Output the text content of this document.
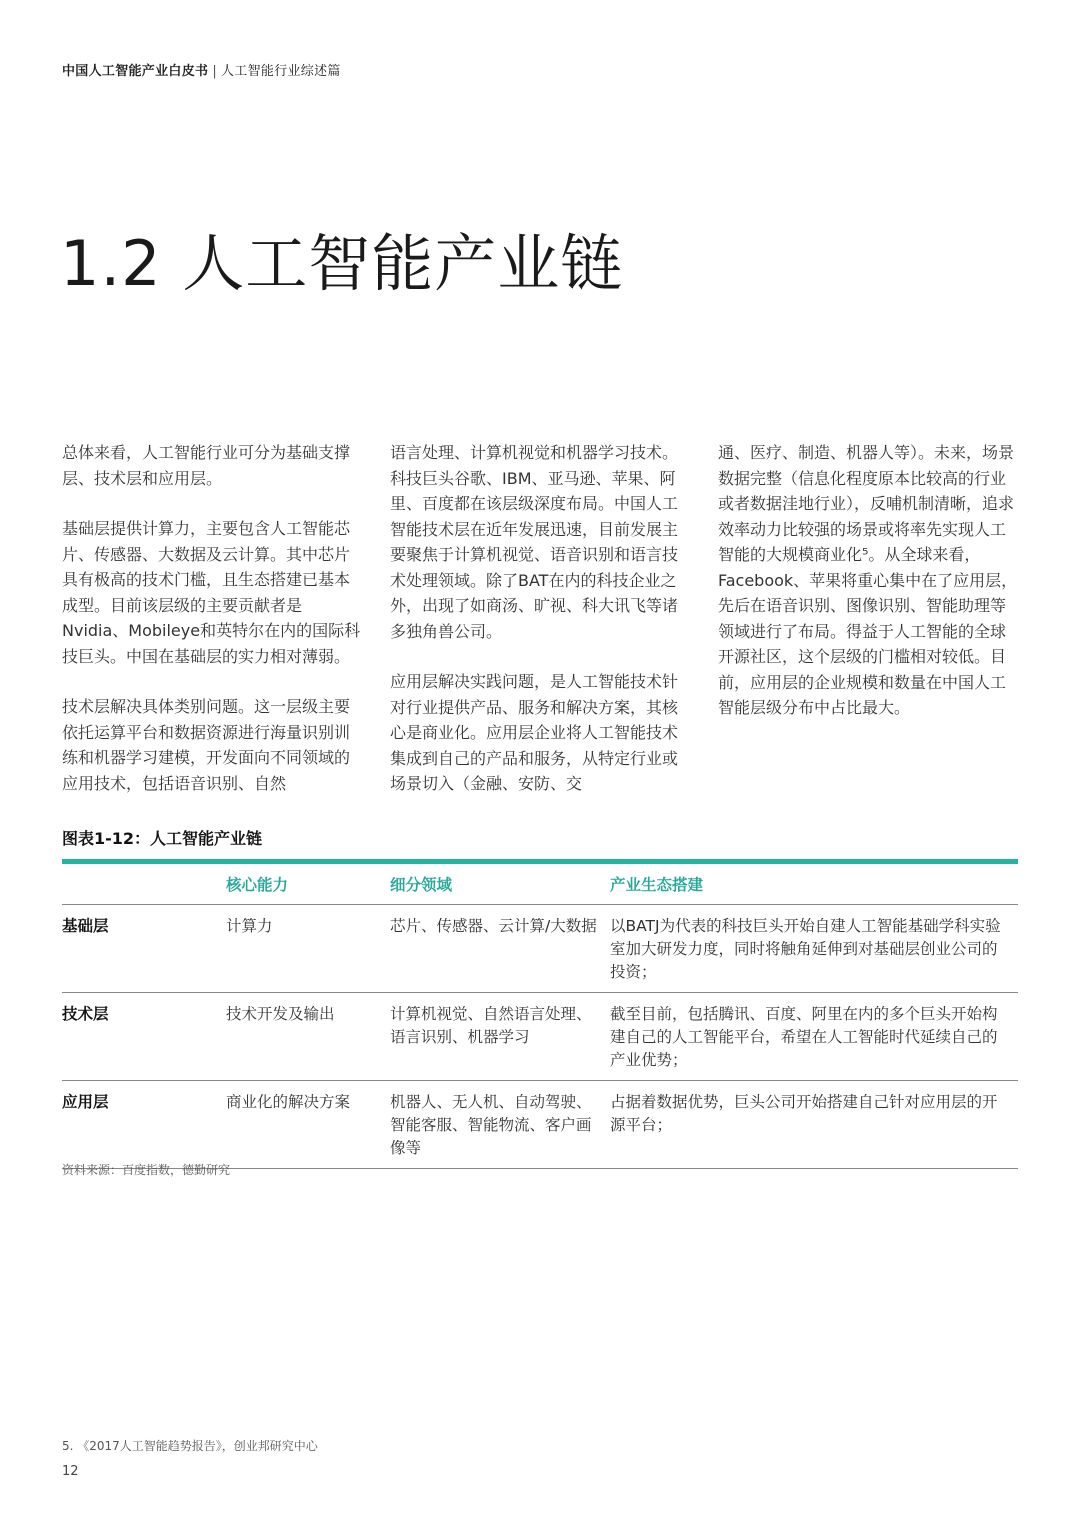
中国人工智能产业白皮书 | 人工智能行业综述篇
1.2 人工智能产业链

总体来看，人工智能行业可分为基础支撑层、技术层和应用层。

基础层提供计算力，主要包含人工智能芯片、传感器、大数据及云计算。其中芯片具有极高的技术门槛，且生态搭建已基本成型。目前该层级的主要贡献者是Nvidia、Mobileye和英特尔在内的国际科技巨头。中国在基础层的实力相对薄弱。

技术层解决具体类别问题。这一层级主要依托运算平台和数据资源进行海量识别训练和机器学习建模，开发面向不同领域的应用技术，包括语音识别、自然

语言处理、计算机视觉和机器学习技术。科技巨头谷歌、IBM、亚马逊、苹果、阿里、百度都在该层级深度布局。中国人工智能技术层在近年发展迅速，目前发展主要聚焦于计算机视觉、语音识别和语言技术处理领域。除了BAT在内的科技企业之外，出现了如商汤、旷视、科大讯飞等诸多独角兽公司。

应用层解决实践问题，是人工智能技术针对行业提供产品、服务和解决方案，其核心是商业化。应用层企业将人工智能技术集成到自己的产品和服务，从特定行业或场景切入（金融、安防、交

通、医疗、制造、机器人等）。未来，场景数据完整（信息化程度原本比较高的行业或者数据洼地行业），反哺机制清晰，追求效率动力比较强的场景或将率先实现人工智能的大规模商业化⁵。从全球来看，Facebook、苹果将重心集中在了应用层，先后在语音识别、图像识别、智能助理等领域进行了布局。得益于人工智能的全球开源社区，这个层级的门槛相对较低。目前，应用层的企业规模和数量在中国人工智能层级分布中占比最大。

图表1-12：人工智能产业链
	核心能力	细分领域	产业生态搭建
基础层	计算力	芯片、传感器、云计算/大数据	以BATJ为代表的科技巨头开始自建人工智能基础学科实验室加大研发力度，同时将触角延伸到对基础层创业公司的投资；
技术层	技术开发及输出	计算机视觉、自然语言处理、语言识别、机器学习	截至目前，包括腾讯、百度、阿里在内的多个巨头开始构建自己的人工智能平台，希望在人工智能时代延续自己的产业优势；
应用层	商业化的解决方案	机器人、无人机、自动驾驶、智能客服、智能物流、客户画像等	占据着数据优势，巨头公司开始搭建自己针对应用层的开源平台；
资料来源：百度指数，德勤研究
5. 《2017人工智能趋势报告》，创业邦研究中心
12
